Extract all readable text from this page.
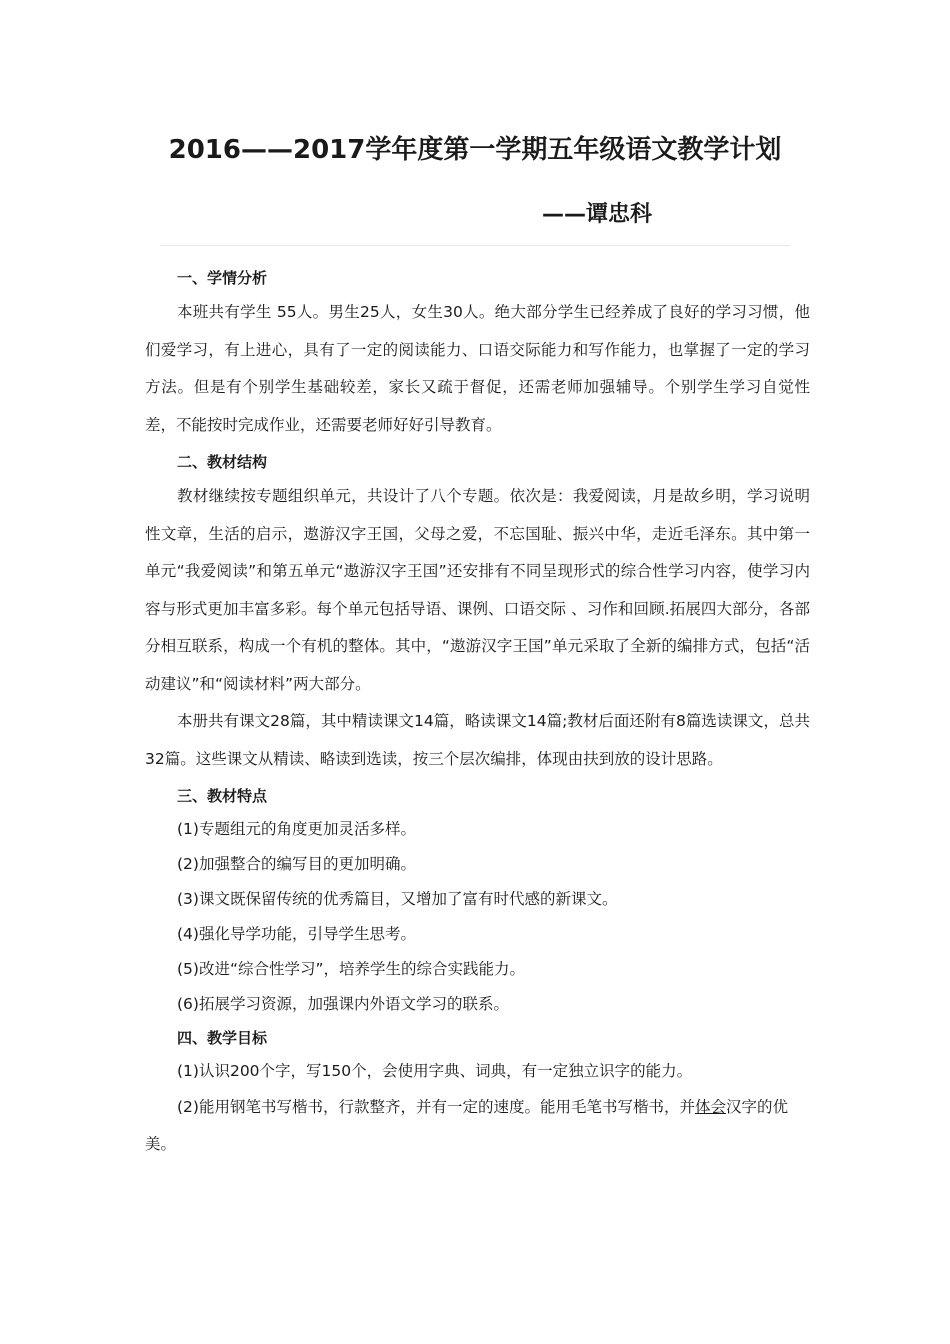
2016——2017学年度第一学期五年级语文教学计划
——谭忠科

一、学情分析

本班共有学生 55人。男生25人，女生30人。绝大部分学生已经养成了良好的学习习惯，他们爱学习，有上进心，具有了一定的阅读能力、口语交际能力和写作能力，也掌握了一定的学习方法。但是有个别学生基础较差，家长又疏于督促，还需老师加强辅导。个别学生学习自觉性差，不能按时完成作业，还需要老师好好引导教育。

二、教材结构

教材继续按专题组织单元，共设计了八个专题。依次是：我爱阅读，月是故乡明，学习说明性文章，生活的启示，遨游汉字王国，父母之爱，不忘国耻、振兴中华，走近毛泽东。其中第一单元“我爱阅读”和第五单元“遨游汉字王国”还安排有不同呈现形式的综合性学习内容，使学习内容与形式更加丰富多彩。每个单元包括导语、课例、口语交际 、习作和回顾.拓展四大部分，各部分相互联系，构成一个有机的整体。其中，“遨游汉字王国”单元采取了全新的编排方式，包括“活动建议”和“阅读材料”两大部分。

本册共有课文28篇，其中精读课文14篇，略读课文14篇;教材后面还附有8篇选读课文，总共32篇。这些课文从精读、略读到选读，按三个层次编排，体现由扶到放的设计思路。

三、教材特点

(1)专题组元的角度更加灵活多样。

(2)加强整合的编写目的更加明确。

(3)课文既保留传统的优秀篇目，又增加了富有时代感的新课文。

(4)强化导学功能，引导学生思考。

(5)改进“综合性学习”，培养学生的综合实践能力。

(6)拓展学习资源，加强课内外语文学习的联系。

四、教学目标

(1)认识200个字，写150个，会使用字典、词典，有一定独立识字的能力。

(2)能用钢笔书写楷书，行款整齐，并有一定的速度。能用毛笔书写楷书，并体会汉字的优美。
